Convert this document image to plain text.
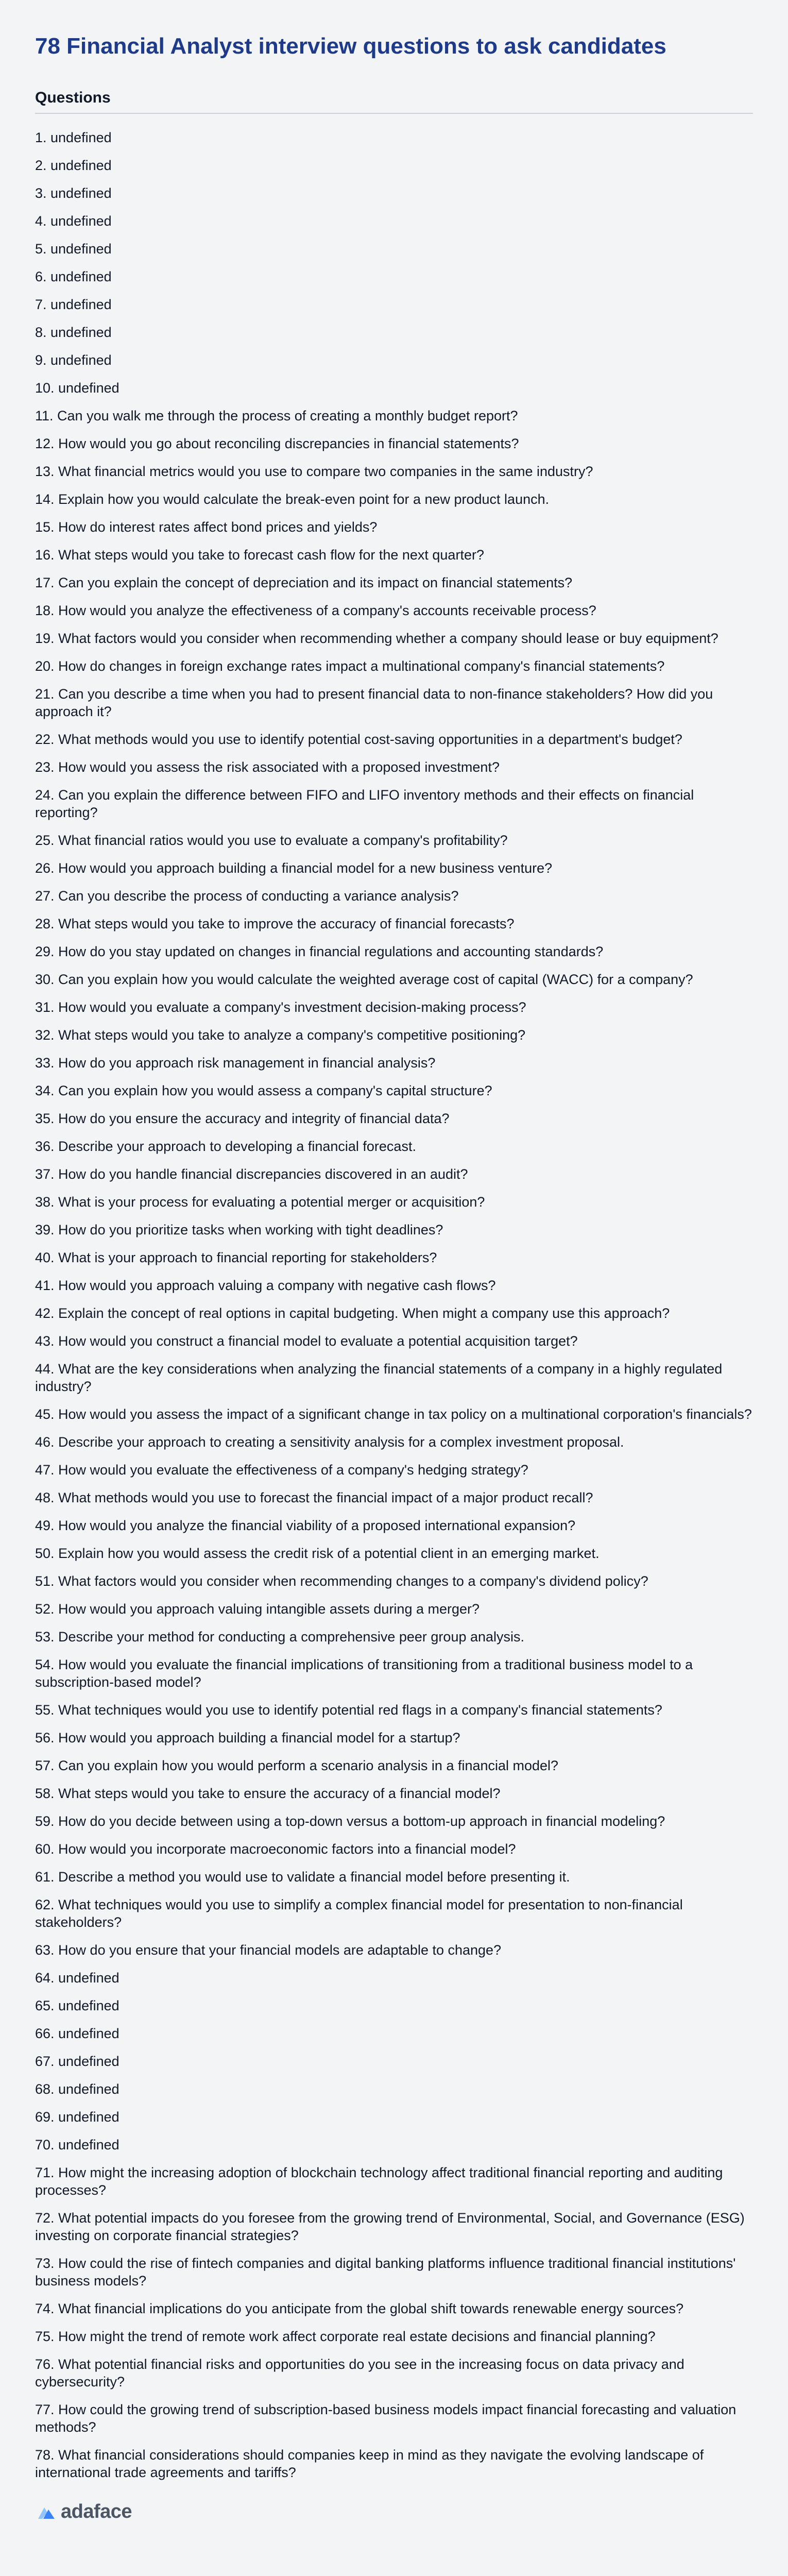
78 Financial Analyst interview questions to ask candidates
Questions
1. undefined
2. undefined
3. undefined
4. undefined
5. undefined
6. undefined
7. undefined
8. undefined
9. undefined
10. undefined
11. Can you walk me through the process of creating a monthly budget report?
12. How would you go about reconciling discrepancies in financial statements?
13. What financial metrics would you use to compare two companies in the same industry?
14. Explain how you would calculate the break-even point for a new product launch.
15. How do interest rates affect bond prices and yields?
16. What steps would you take to forecast cash flow for the next quarter?
17. Can you explain the concept of depreciation and its impact on financial statements?
18. How would you analyze the effectiveness of a company's accounts receivable process?
19. What factors would you consider when recommending whether a company should lease or buy equipment?
20. How do changes in foreign exchange rates impact a multinational company's financial statements?
21. Can you describe a time when you had to present financial data to non-finance stakeholders? How did you approach it?
22. What methods would you use to identify potential cost-saving opportunities in a department's budget?
23. How would you assess the risk associated with a proposed investment?
24. Can you explain the difference between FIFO and LIFO inventory methods and their effects on financial reporting?
25. What financial ratios would you use to evaluate a company's profitability?
26. How would you approach building a financial model for a new business venture?
27. Can you describe the process of conducting a variance analysis?
28. What steps would you take to improve the accuracy of financial forecasts?
29. How do you stay updated on changes in financial regulations and accounting standards?
30. Can you explain how you would calculate the weighted average cost of capital (WACC) for a company?
31. How would you evaluate a company's investment decision-making process?
32. What steps would you take to analyze a company's competitive positioning?
33. How do you approach risk management in financial analysis?
34. Can you explain how you would assess a company's capital structure?
35. How do you ensure the accuracy and integrity of financial data?
36. Describe your approach to developing a financial forecast.
37. How do you handle financial discrepancies discovered in an audit?
38. What is your process for evaluating a potential merger or acquisition?
39. How do you prioritize tasks when working with tight deadlines?
40. What is your approach to financial reporting for stakeholders?
41. How would you approach valuing a company with negative cash flows?
42. Explain the concept of real options in capital budgeting. When might a company use this approach?
43. How would you construct a financial model to evaluate a potential acquisition target?
44. What are the key considerations when analyzing the financial statements of a company in a highly regulated industry?
45. How would you assess the impact of a significant change in tax policy on a multinational corporation's financials?
46. Describe your approach to creating a sensitivity analysis for a complex investment proposal.
47. How would you evaluate the effectiveness of a company's hedging strategy?
48. What methods would you use to forecast the financial impact of a major product recall?
49. How would you analyze the financial viability of a proposed international expansion?
50. Explain how you would assess the credit risk of a potential client in an emerging market.
51. What factors would you consider when recommending changes to a company's dividend policy?
52. How would you approach valuing intangible assets during a merger?
53. Describe your method for conducting a comprehensive peer group analysis.
54. How would you evaluate the financial implications of transitioning from a traditional business model to a subscription-based model?
55. What techniques would you use to identify potential red flags in a company's financial statements?
56. How would you approach building a financial model for a startup?
57. Can you explain how you would perform a scenario analysis in a financial model?
58. What steps would you take to ensure the accuracy of a financial model?
59. How do you decide between using a top-down versus a bottom-up approach in financial modeling?
60. How would you incorporate macroeconomic factors into a financial model?
61. Describe a method you would use to validate a financial model before presenting it.
62. What techniques would you use to simplify a complex financial model for presentation to non-financial stakeholders?
63. How do you ensure that your financial models are adaptable to change?
64. undefined
65. undefined
66. undefined
67. undefined
68. undefined
69. undefined
70. undefined
71. How might the increasing adoption of blockchain technology affect traditional financial reporting and auditing processes?
72. What potential impacts do you foresee from the growing trend of Environmental, Social, and Governance (ESG) investing on corporate financial strategies?
73. How could the rise of fintech companies and digital banking platforms influence traditional financial institutions' business models?
74. What financial implications do you anticipate from the global shift towards renewable energy sources?
75. How might the trend of remote work affect corporate real estate decisions and financial planning?
76. What potential financial risks and opportunities do you see in the increasing focus on data privacy and cybersecurity?
77. How could the growing trend of subscription-based business models impact financial forecasting and valuation methods?
78. What financial considerations should companies keep in mind as they navigate the evolving landscape of international trade agreements and tariffs?
adaface
